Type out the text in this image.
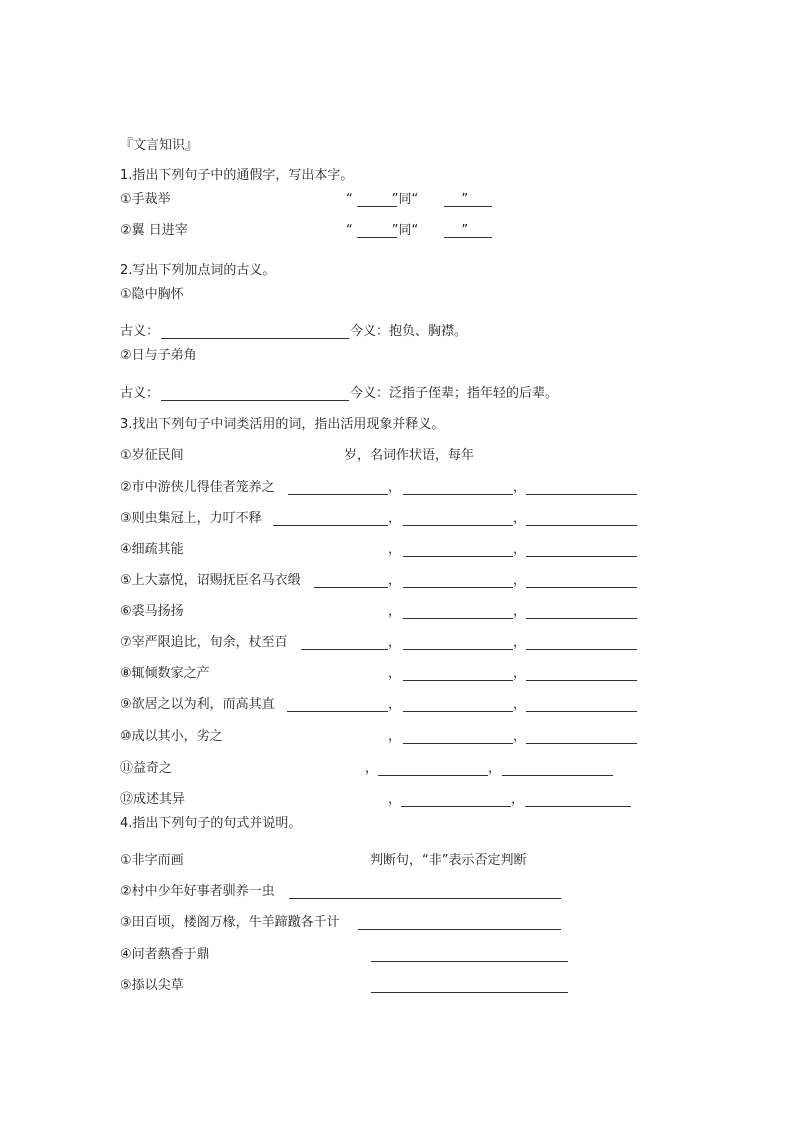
『文言知识』
1.指出下列句子中的通假字，写出本字。
①手裁举	“　　　”同“　　　 ”
②翼 日进宰	“　　　”同“　　　 ”
2.写出下列加点词的古义。
①隐中胸怀
古义：	今义：抱负、胸襟。
②日与子弟角
古义：	今义：泛指子侄辈；指年轻的后辈。
3.找出下列句子中词类活用的词，指出活用现象并释义。
①岁征民间	岁，名词作状语，每年
②市中游侠儿得佳者笼养之	，	，
③则虫集冠上，力叮不释	，	，
④细疏其能	，	，
⑤上大嘉悦，诏赐抚臣名马衣缎	，	，
⑥裘马扬扬	，	，
⑦宰严限追比，旬余，杖至百	，	，
⑧辄倾数家之产	，	，
⑨欲居之以为利，而高其直	，	，
⑩成以其小，劣之	，	，
⑪益奇之	，	，
⑫成述其异	，	，
4.指出下列句子的句式并说明。
①非字而画	判断句，“非”表示否定判断
②村中少年好事者驯养一虫
③田百顷，楼阁万椽，牛羊蹄躈各千计
④问者爇香于鼎
⑤掭以尖草
